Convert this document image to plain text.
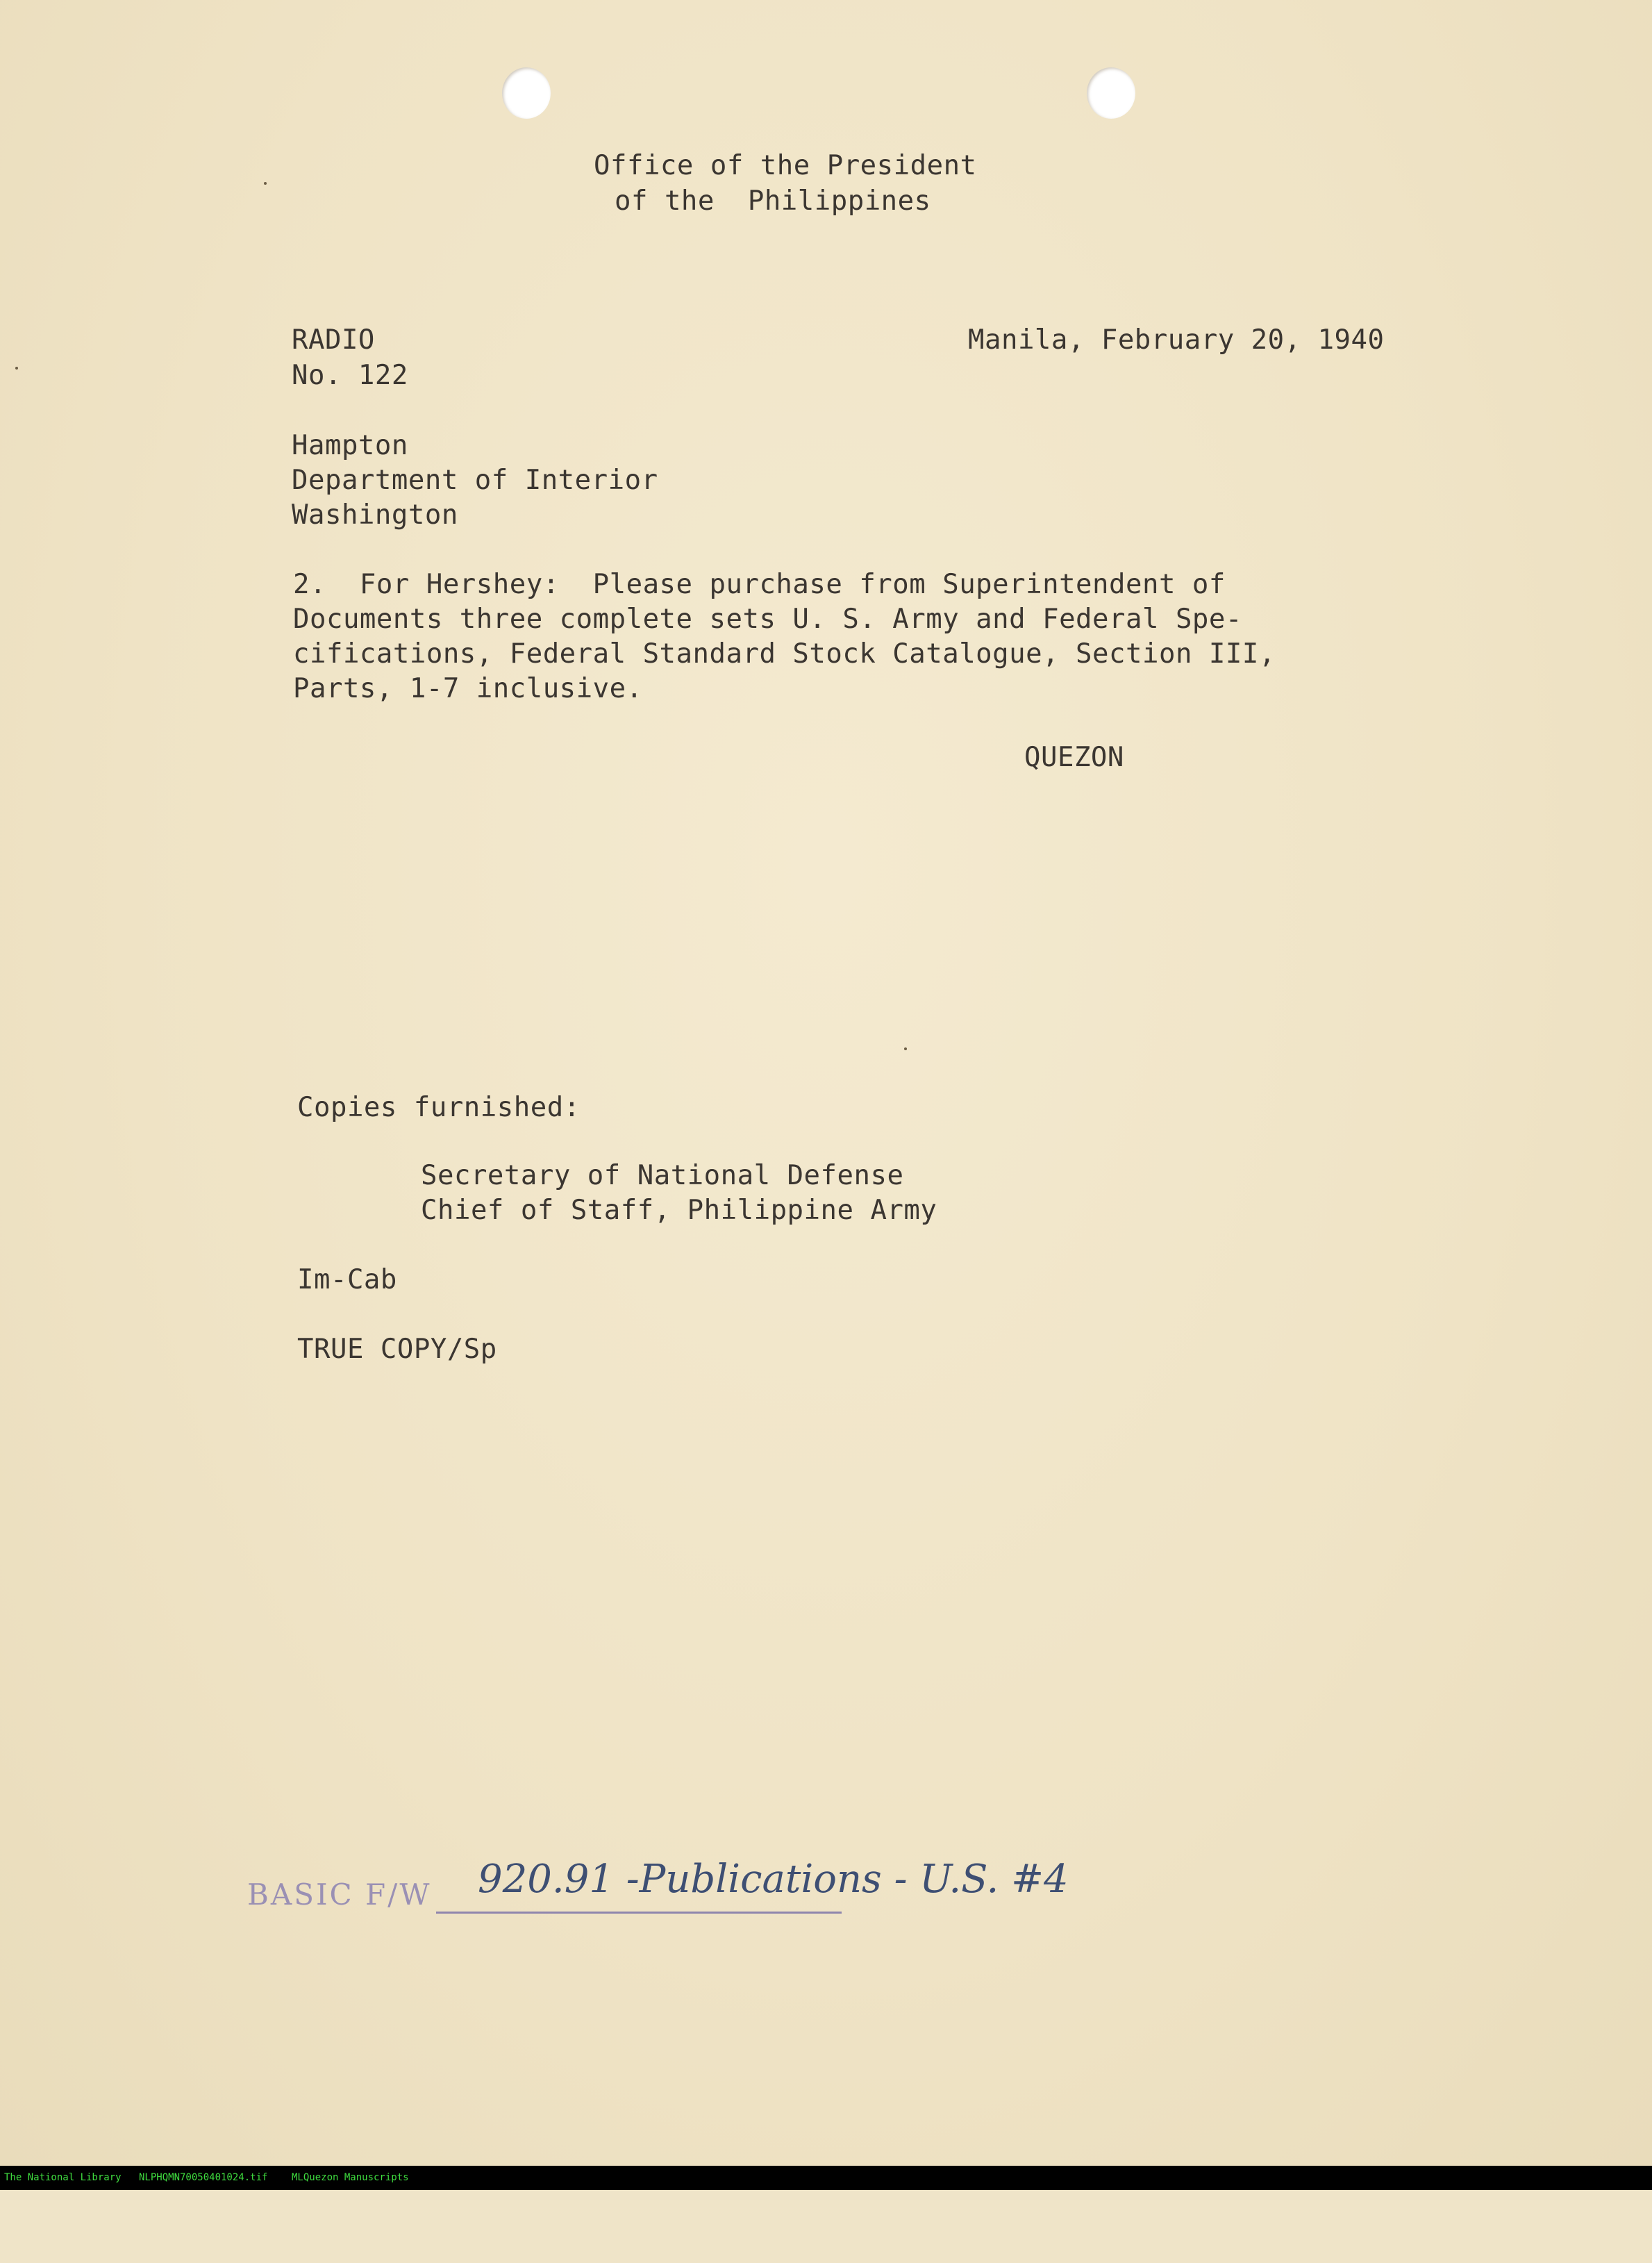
Office of the President
of the  Philippines
RADIO
No. 122
Manila, February 20, 1940
Hampton
Department of Interior
Washington
2.  For Hershey:  Please purchase from Superintendent of
Documents three complete sets U. S. Army and Federal Spe-
cifications, Federal Standard Stock Catalogue, Section III,
Parts, 1-7 inclusive.
QUEZON
Copies furnished:
Secretary of National Defense
Chief of Staff, Philippine Army
Im-Cab
TRUE COPY/Sp
BASIC F/W 920.91 -Publications - U.S. #4

The National Library

NLPHQMN70050401024.tif

MLQuezon Manuscripts
